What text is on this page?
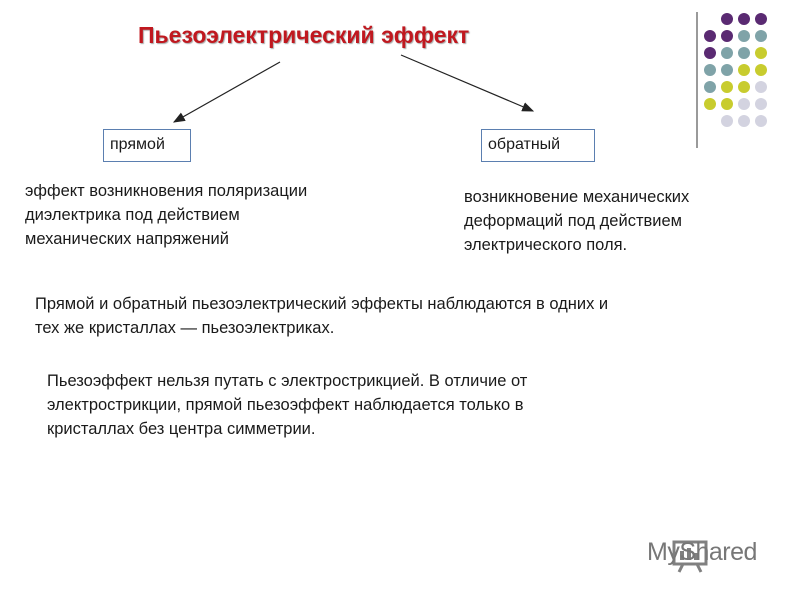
Пьезоэлектрический эффект
прямой	обратный
эффект возникновения поляризации
диэлектрика под действием
механических напряжений
возникновение механических
деформаций под действием
электрического поля.
Прямой и обратный пьезоэлектрический эффекты наблюдаются в одних и
тех же кристаллах — пьезоэлектриках.
Пьезоэффект нельзя путать с электрострикцией. В отличие от
электрострикции, прямой пьезоэффект наблюдается только в
кристаллах без центра симметрии.
MyShared
